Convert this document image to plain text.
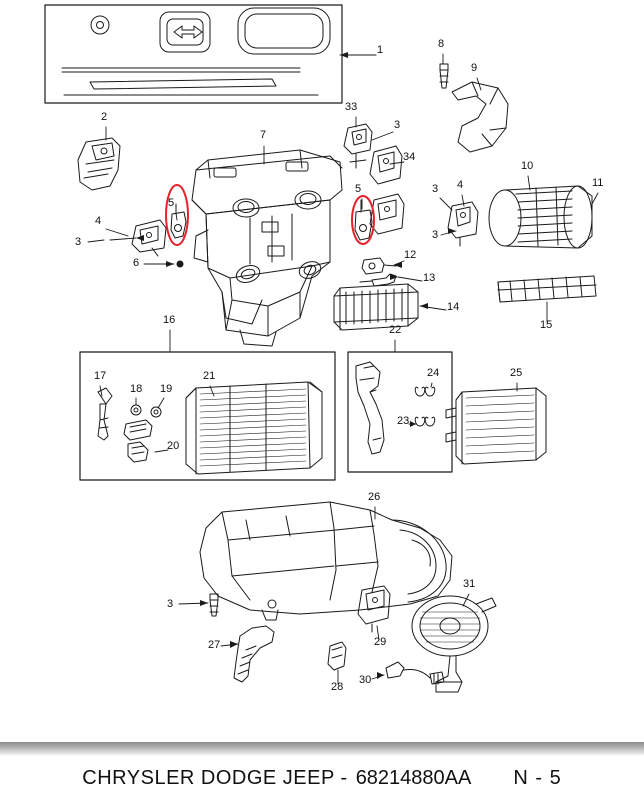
1
2
3
4
5
6
7
5
33
3
34
3 4
3
8
9
10
11
12
13
14
15
16
17
18 19
20
21
22
23
24	25
26
3
27
28
29
30
31
CHRYSLER DODGE JEEP - 68214880AA N - 5
